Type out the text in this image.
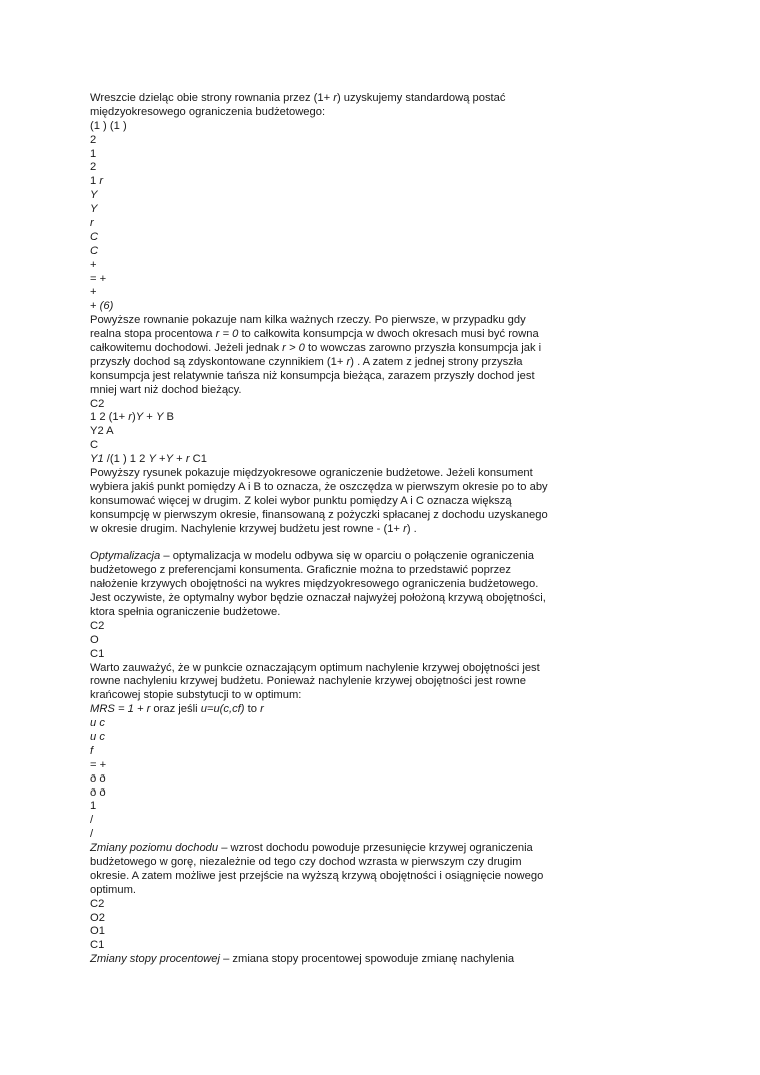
Wreszcie dzieląc obie strony rownania przez (1+ r) uzyskujemy standardową postać
międzyokresowego ograniczenia budżetowego:
(1 ) (1 )
2
1
2
1 r
Y
Y
r
C
C
+
= +
+
+ (6)
Powyższe rownanie pokazuje nam kilka ważnych rzeczy. Po pierwsze, w przypadku gdy
realna stopa procentowa r = 0 to całkowita konsumpcja w dwoch okresach musi być rowna
całkowitemu dochodowi. Jeżeli jednak r > 0 to wowczas zarowno przyszła konsumpcja jak i
przyszły dochod są zdyskontowane czynnikiem (1+ r) . A zatem z jednej strony przyszła
konsumpcja jest relatywnie tańsza niż konsumpcja bieżąca, zarazem przyszły dochod jest
mniej wart niż dochod bieżący.
C2
1 2 (1+ r)Y + Y B
Y2 A
C
Y1 /(1 ) 1 2 Y +Y + r C1
Powyższy rysunek pokazuje międzyokresowe ograniczenie budżetowe. Jeżeli konsument
wybiera jakiś punkt pomiędzy A i B to oznacza, że oszczędza w pierwszym okresie po to aby
konsumować więcej w drugim. Z kolei wybor punktu pomiędzy A i C oznacza większą
konsumpcję w pierwszym okresie, finansowaną z pożyczki spłacanej z dochodu uzyskanego
w okresie drugim. Nachylenie krzywej budżetu jest rowne - (1+ r) .
Optymalizacja – optymalizacja w modelu odbywa się w oparciu o połączenie ograniczenia
budżetowego z preferencjami konsumenta. Graficznie można to przedstawić poprzez
nałożenie krzywych obojętności na wykres międzyokresowego ograniczenia budżetowego.
Jest oczywiste, że optymalny wybor będzie oznaczał najwyżej położoną krzywą obojętności,
ktora spełnia ograniczenie budżetowe.
C2
O
C1
Warto zauważyć, że w punkcie oznaczającym optimum nachylenie krzywej obojętności jest
rowne nachyleniu krzywej budżetu. Ponieważ nachylenie krzywej obojętności jest rowne
krańcowej stopie substytucji to w optimum:
MRS = 1 + r oraz jeśli u=u(c,cf) to r
u c
u c
f
= +
ð ð
ð ð
1
/
/
Zmiany poziomu dochodu – wzrost dochodu powoduje przesunięcie krzywej ograniczenia
budżetowego w gorę, niezależnie od tego czy dochod wzrasta w pierwszym czy drugim
okresie. A zatem możliwe jest przejście na wyższą krzywą obojętności i osiągnięcie nowego
optimum.
C2
O2
O1
C1
Zmiany stopy procentowej – zmiana stopy procentowej spowoduje zmianę nachylenia
